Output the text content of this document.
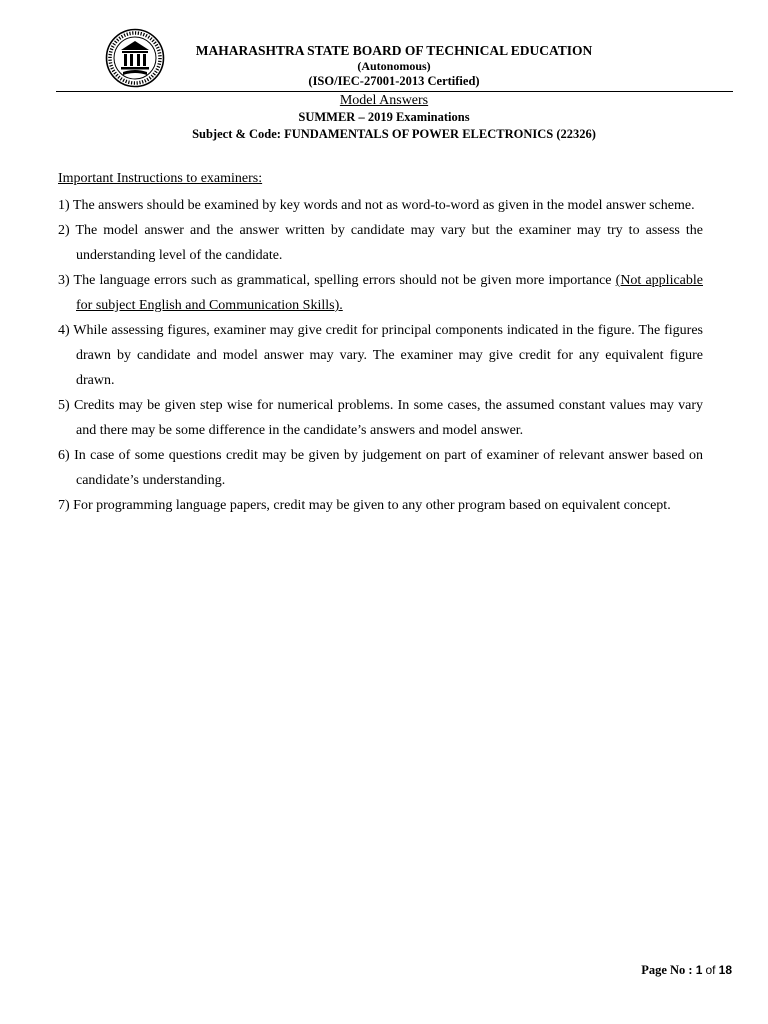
MAHARASHTRA STATE BOARD OF TECHNICAL EDUCATION
(Autonomous)
(ISO/IEC-27001-2013 Certified)
Model Answers
SUMMER – 2019 Examinations
Subject & Code: FUNDAMENTALS OF POWER ELECTRONICS (22326)
Important Instructions to examiners:
1) The answers should be examined by key words and not as word-to-word as given in the model answer scheme.
2) The model answer and the answer written by candidate may vary but the examiner may try to assess the understanding level of the candidate.
3) The language errors such as grammatical, spelling errors should not be given more importance (Not applicable for subject English and Communication Skills).
4) While assessing figures, examiner may give credit for principal components indicated in the figure. The figures drawn by candidate and model answer may vary. The examiner may give credit for any equivalent figure drawn.
5) Credits may be given step wise for numerical problems. In some cases, the assumed constant values may vary and there may be some difference in the candidate’s answers and model answer.
6) In case of some questions credit may be given by judgement on part of examiner of relevant answer based on candidate’s understanding.
7) For programming language papers, credit may be given to any other program based on equivalent concept.
Page No : 1 of 18
